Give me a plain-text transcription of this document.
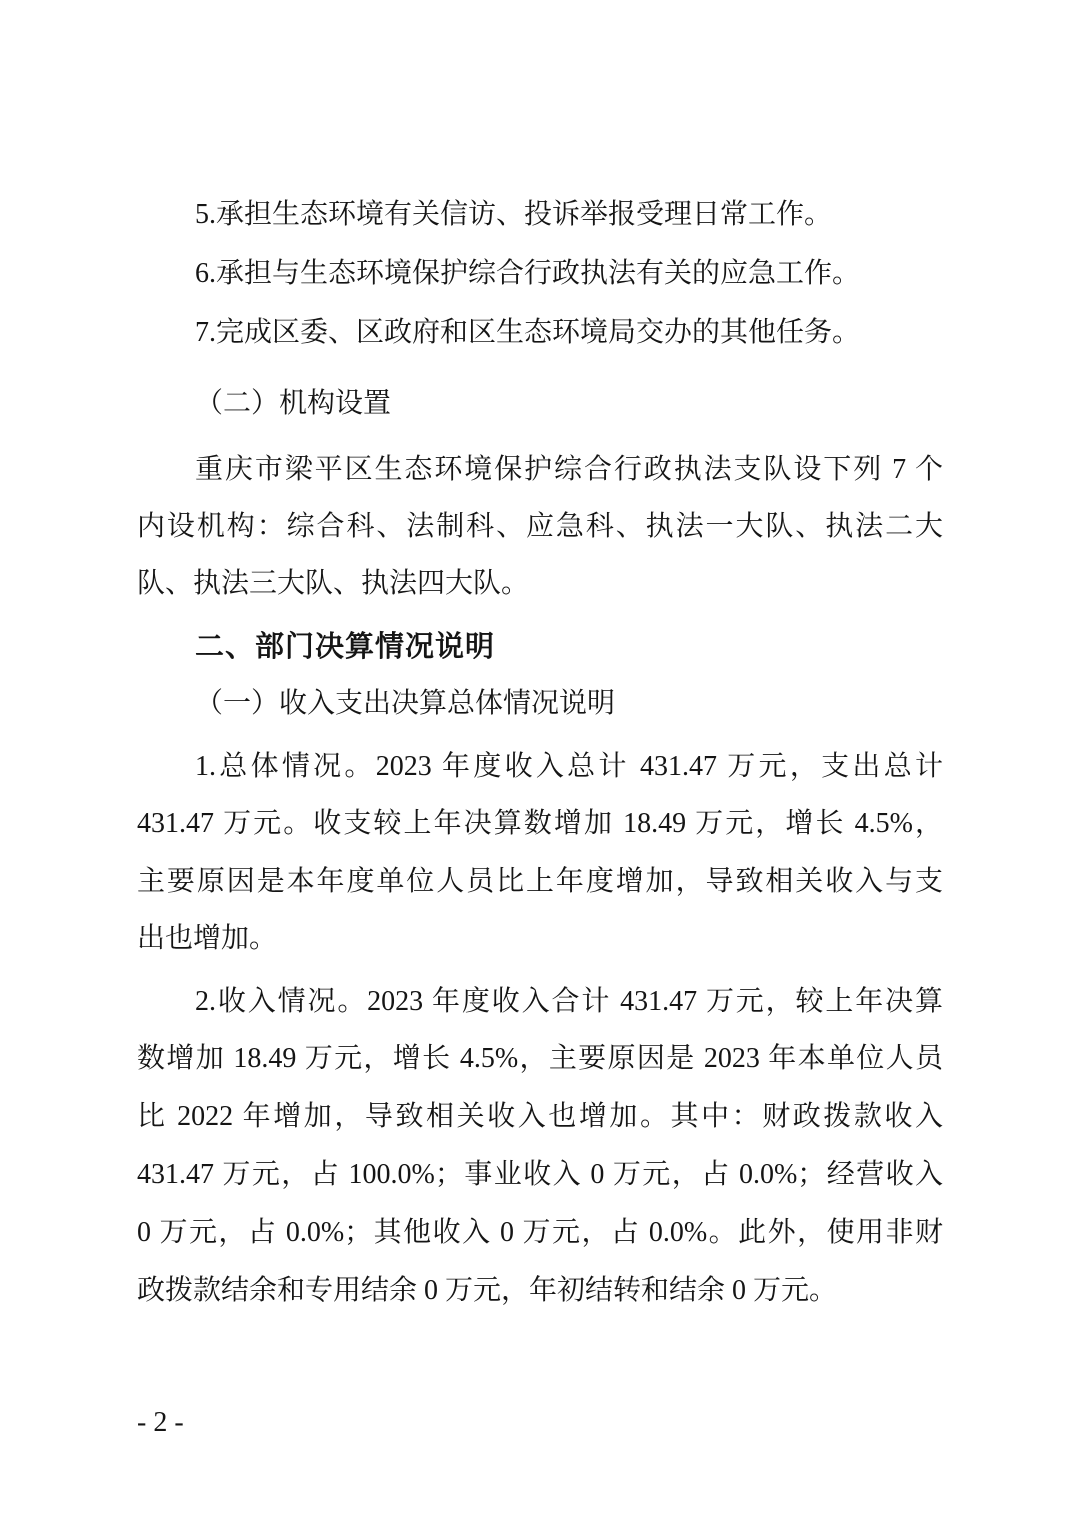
5.承担生态环境有关信访、投诉举报受理日常工作。
6.承担与生态环境保护综合行政执法有关的应急工作。
7.完成区委、区政府和区生态环境局交办的其他任务。
（二）机构设置
重庆市梁平区生态环境保护综合行政执法支队设下列 7 个
内设机构：综合科、法制科、应急科、执法一大队、执法二大
队、执法三大队、执法四大队。
二、部门决算情况说明
（一）收入支出决算总体情况说明
1.总体情况。2023 年度收入总计 431.47 万元，支出总计
431.47 万元。收支较上年决算数增加 18.49 万元，增长 4.5%，
主要原因是本年度单位人员比上年度增加，导致相关收入与支
出也增加。
2.收入情况。2023 年度收入合计 431.47 万元，较上年决算
数增加 18.49 万元，增长 4.5%，主要原因是 2023 年本单位人员
比 2022 年增加，导致相关收入也增加。其中：财政拨款收入
431.47 万元，占 100.0%；事业收入 0 万元，占 0.0%；经营收入
0 万元，占 0.0%；其他收入 0 万元，占 0.0%。此外，使用非财
政拨款结余和专用结余 0 万元，年初结转和结余 0 万元。
- 2 -
